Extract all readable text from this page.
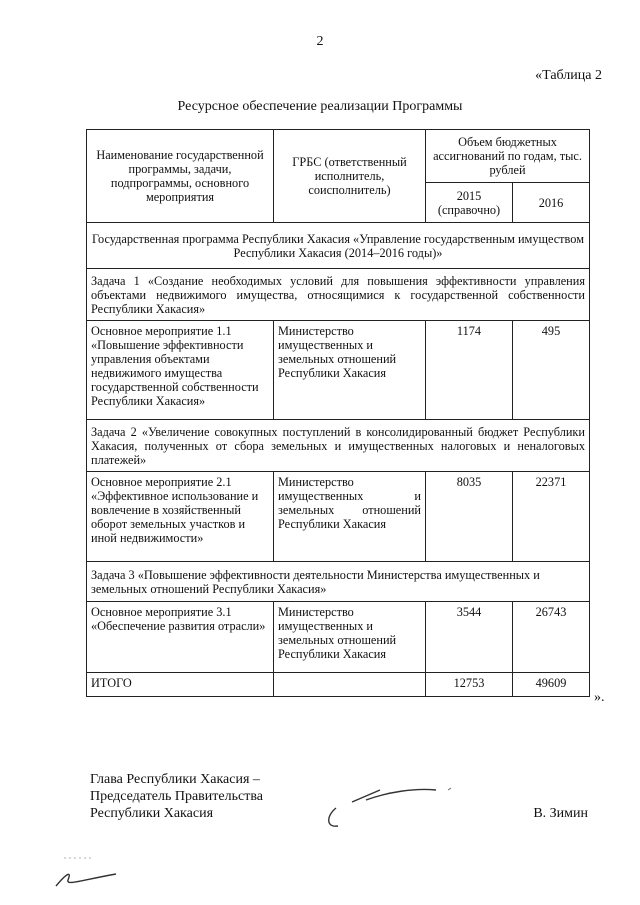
2
«Таблица 2
Ресурсное обеспечение реализации Программы
Наименование государственной программы, задачи, подпрограммы, основного мероприятия	ГРБС (ответственный исполнитель, соисполнитель)	Объем бюджетных ассигнований по годам, тыс. рублей	
		2015 (справочно)	2016
Государственная программа Республики Хакасия «Управление государственным имуществом Республики Хакасия (2014–2016 годы)»			
Задача 1 «Создание необходимых условий для повышения эффективности управления объектами недвижимого имущества, относящимися к государственной собственности Республики Хакасия»			
Основное мероприятие 1.1 «Повышение эффективности управления объектами недвижимого имущества государственной собственности Республики Хакасия»	Министерство имущественных и земельных отношений Республики Хакасия	1174	495
Задача 2 «Увеличение совокупных поступлений в консолидированный бюджет Республики Хакасия, полученных от сбора земельных и имущественных налоговых и неналоговых платежей»			
Основное мероприятие 2.1 «Эффективное использование и вовлечение в хозяйственный оборот земельных участков и иной недвижимости»	Министерство имущественных и земельных отношений Республики Хакасия	8035	22371
Задача 3 «Повышение эффективности деятельности Министерства имущественных и земельных отношений Республики Хакасия»			
Основное мероприятие 3.1 «Обеспечение развития отрасли»	Министерство имущественных и земельных отношений Республики Хакасия	3544	26743
ИТОГО		12753	49609
».
Глава Республики Хакасия –
Председатель Правительства
Республики Хакасия	В. Зимин
